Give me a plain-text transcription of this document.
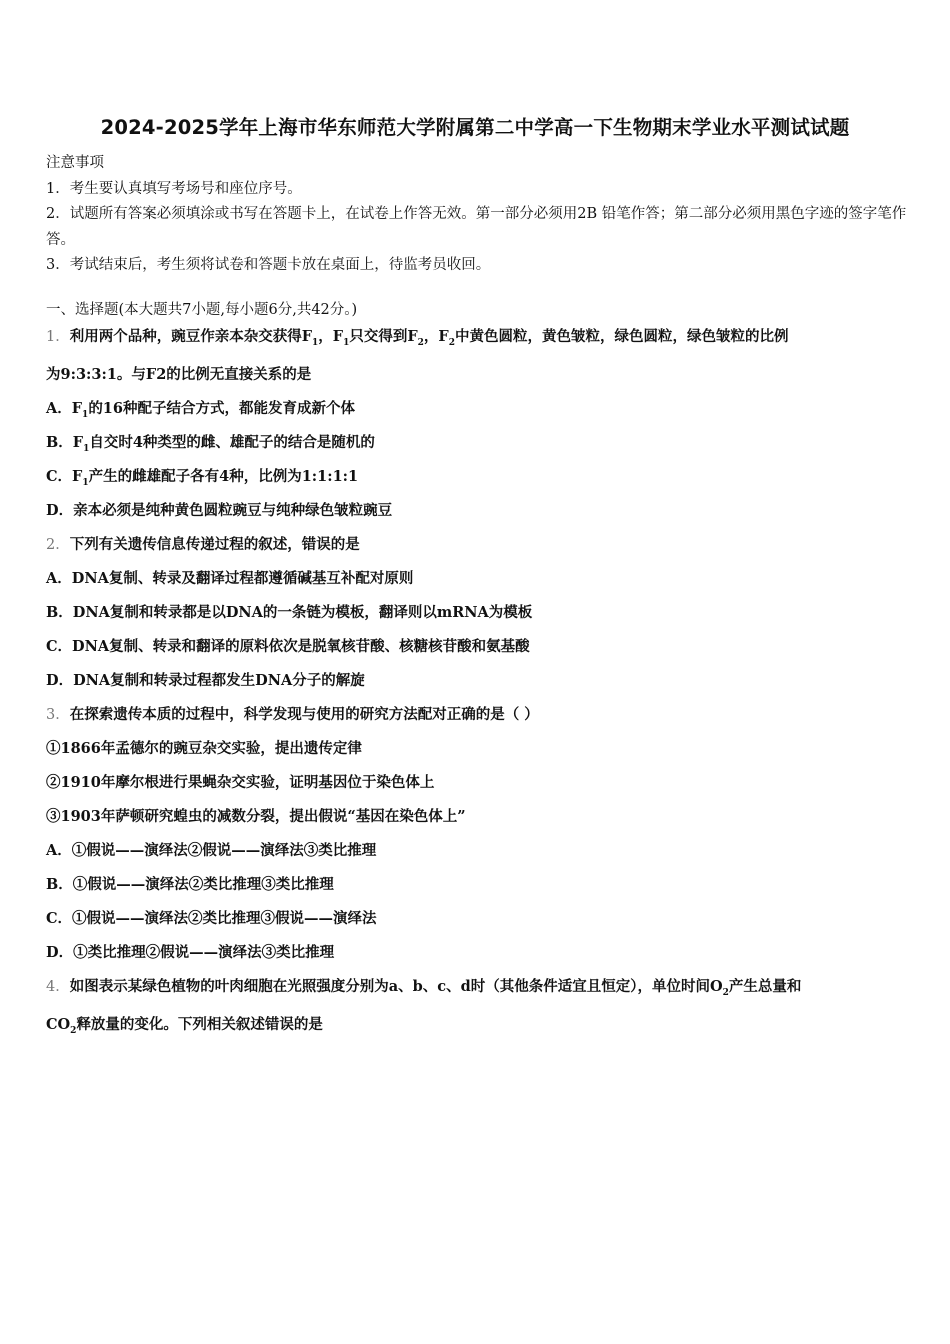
2024-2025学年上海市华东师范大学附属第二中学高一下生物期末学业水平测试试题

注意事项

1．考生要认真填写考场号和座位序号。

2．试题所有答案必须填涂或书写在答题卡上，在试卷上作答无效。第一部分必须用2B 铅笔作答；第二部分必须用黑色字迹的签字笔作答。

3．考试结束后，考生须将试卷和答题卡放在桌面上，待监考员收回。

一、选择题(本大题共7小题,每小题6分,共42分。)

1．利用两个品种，豌豆作亲本杂交获得$F_1$，$F_1$只交得到$F_2$，$F_2$中黄色圆粒，黄色皱粒，绿色圆粒，绿色皱粒的比例

为9:3:3:1。与F2的比例无直接关系的是

A．$F_1$的16种配子结合方式，都能发育成新个体

B．$F_1$自交时4种类型的雌、雄配子的结合是随机的

C．$F_1$产生的雌雄配子各有4种，比例为1:1:1:1

D．亲本必须是纯种黄色圆粒豌豆与纯种绿色皱粒豌豆

2．下列有关遗传信息传递过程的叙述，错误的是

A．DNA复制、转录及翻译过程都遵循碱基互补配对原则

B．DNA复制和转录都是以DNA的一条链为模板，翻译则以mRNA为模板

C．DNA复制、转录和翻译的原料依次是脱氧核苷酸、核糖核苷酸和氨基酸

D．DNA复制和转录过程都发生DNA分子的解旋

3．在探索遗传本质的过程中，科学发现与使用的研究方法配对正确的是（ ）

①1866年孟德尔的豌豆杂交实验，提出遗传定律

②1910年摩尔根进行果蝇杂交实验，证明基因位于染色体上

③1903年萨顿研究蝗虫的减数分裂，提出假说“基因在染色体上”

A．①假说——演绎法②假说——演绎法③类比推理

B．①假说——演绎法②类比推理③类比推理

C．①假说——演绎法②类比推理③假说——演绎法

D．①类比推理②假说——演绎法③类比推理

4．如图表示某绿色植物的叶肉细胞在光照强度分别为a、b、c、d时（其他条件适宜且恒定），单位时间$O_2$产生总量和

$CO_2$释放量的变化。下列相关叙述错误的是
